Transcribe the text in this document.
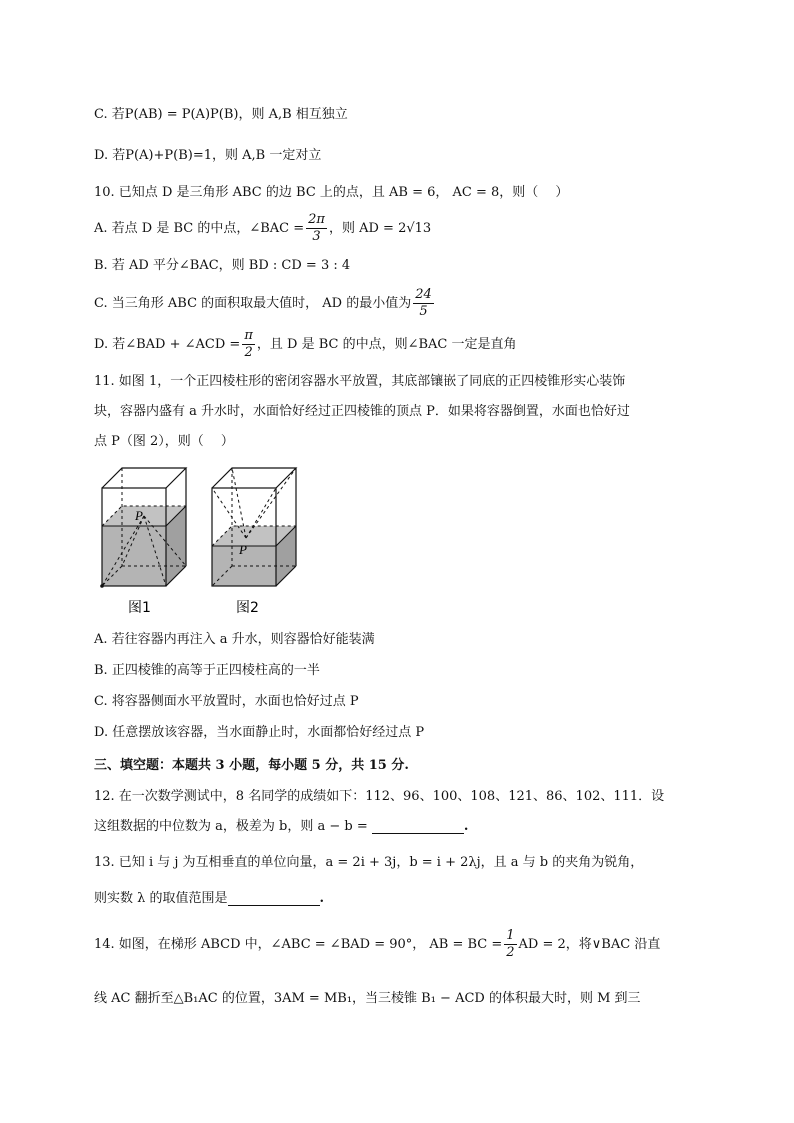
C. 若P(AB) = P(A)P(B)，则 A,B 相互独立
D. 若P(A)+P(B)=1，则 A,B 一定对立
10. 已知点 D 是三角形 ABC 的边 BC 上的点，且 AB = 6， AC = 8，则（　 ）
A. 若点 D 是 BC 的中点，∠BAC = $\frac{2\pi}{3}$ ，则 AD = 2√13
B. 若 AD 平分∠BAC，则 BD : CD = 3 : 4
C. 当三角形 ABC 的面积取最大值时， AD 的最小值为 $\frac{24}{5}$
D. 若∠BAD + ∠ACD = $\frac{\pi}{2}$ ，且 D 是 BC 的中点，则∠BAC 一定是直角
11. 如图 1，一个正四棱柱形的密闭容器水平放置，其底部镶嵌了同底的正四棱锥形实心装饰
块，容器内盛有 a 升水时，水面恰好经过正四棱锥的顶点 P．如果将容器倒置，水面也恰好过
点 P（图 2），则（　 ）
P
图1
P
图2
A. 若往容器内再注入 a 升水，则容器恰好能装满
B. 正四棱锥的高等于正四棱柱高的一半
C. 将容器侧面水平放置时，水面也恰好过点 P
D. 任意摆放该容器，当水面静止时，水面都恰好经过点 P
三、填空题：本题共 3 小题，每小题 5 分，共 15 分.
12. 在一次数学测试中，8 名同学的成绩如下：112、96、100、108、121、86、102、111．设
这组数据的中位数为 a，极差为 b，则 a − b =	.
13. 已知 i 与 j 为互相垂直的单位向量，a = 2i + 3j，b = i + 2λj，且 a 与 b 的夹角为锐角，
则实数 λ 的取值范围是	.
14. 如图，在梯形 ABCD 中，∠ABC = ∠BAD = 90°， AB = BC = $\frac{1}{2}$ AD = 2，将∨BAC 沿直
线 AC 翻折至△B₁AC 的位置，3AM = MB₁，当三棱锥 B₁ − ACD 的体积最大时，则 M 到三
